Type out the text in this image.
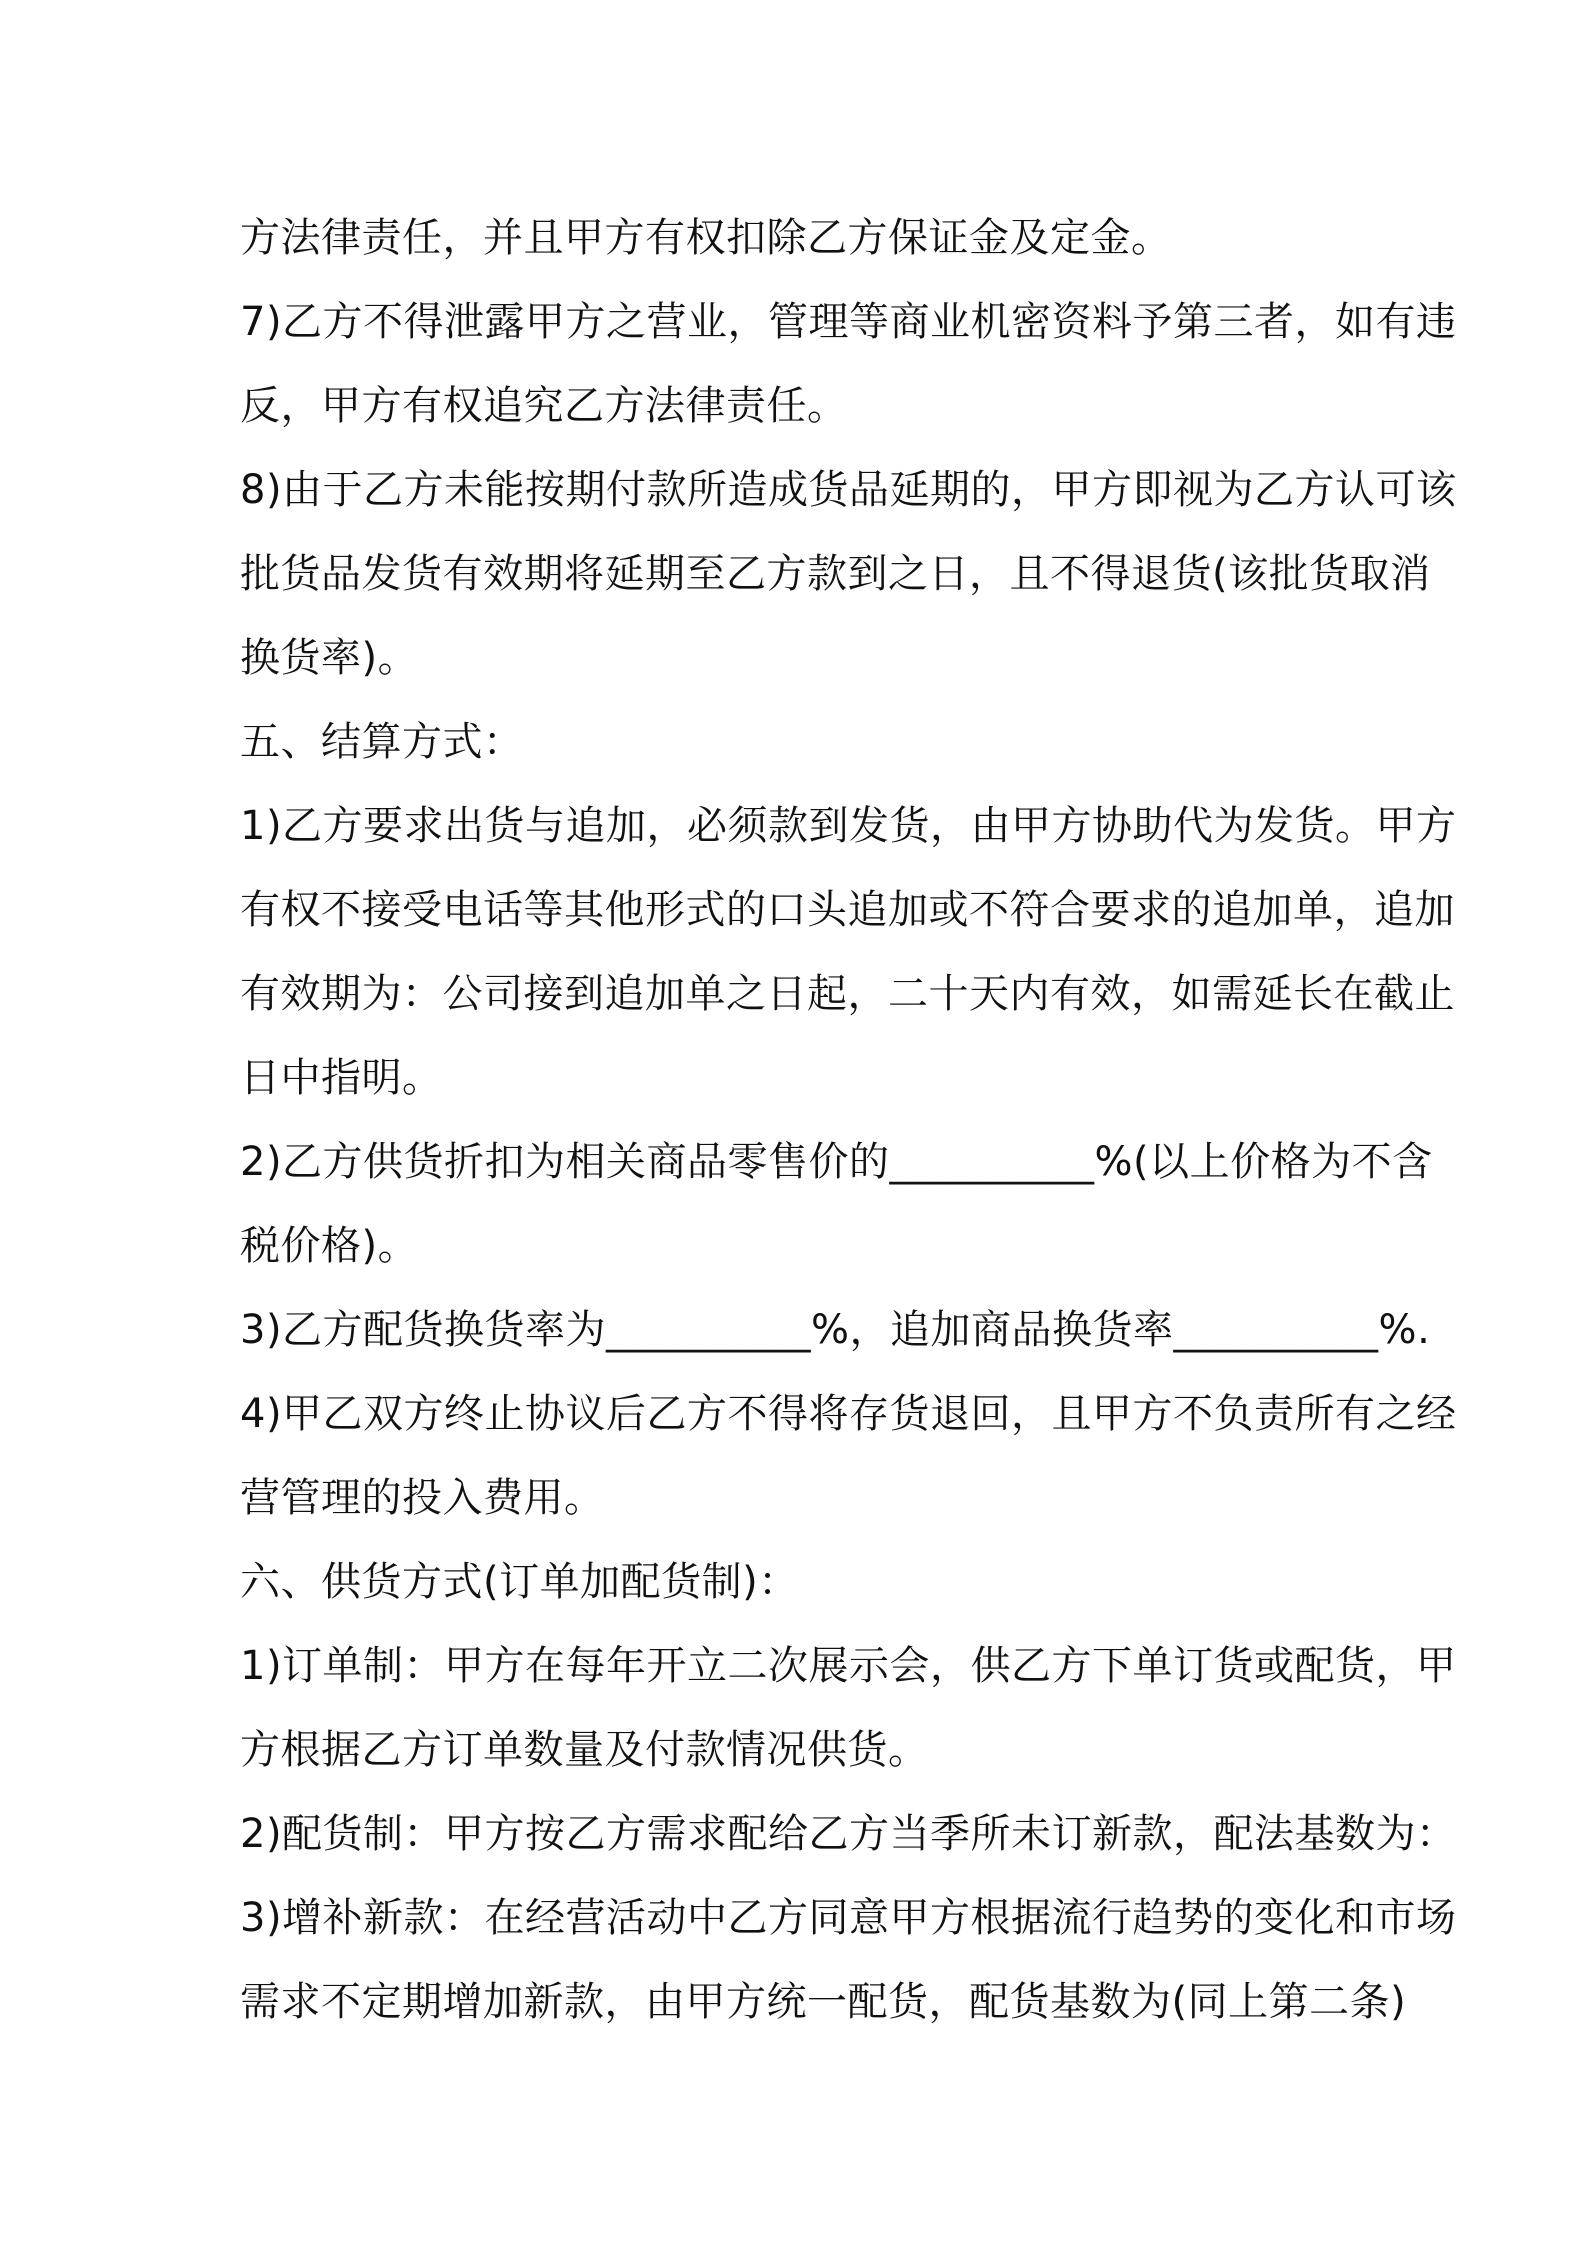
方法律责任，并且甲方有权扣除乙方保证金及定金。
7)乙方不得泄露甲方之营业，管理等商业机密资料予第三者，如有违
反，甲方有权追究乙方法律责任。
8)由于乙方未能按期付款所造成货品延期的，甲方即视为乙方认可该
批货品发货有效期将延期至乙方款到之日，且不得退货(该批货取消
换货率)。
五、结算方式：
1)乙方要求出货与追加，必须款到发货，由甲方协助代为发货。甲方
有权不接受电话等其他形式的口头追加或不符合要求的追加单，追加
有效期为：公司接到追加单之日起，二十天内有效，如需延长在截止
日中指明。
2)乙方供货折扣为相关商品零售价的__________%(以上价格为不含
税价格)。
3)乙方配货换货率为__________%，追加商品换货率__________%.
4)甲乙双方终止协议后乙方不得将存货退回，且甲方不负责所有之经
营管理的投入费用。
六、供货方式(订单加配货制)：
1)订单制：甲方在每年开立二次展示会，供乙方下单订货或配货，甲
方根据乙方订单数量及付款情况供货。
2)配货制：甲方按乙方需求配给乙方当季所未订新款，配法基数为：
3)增补新款：在经营活动中乙方同意甲方根据流行趋势的变化和市场
需求不定期增加新款，由甲方统一配货，配货基数为(同上第二条)
